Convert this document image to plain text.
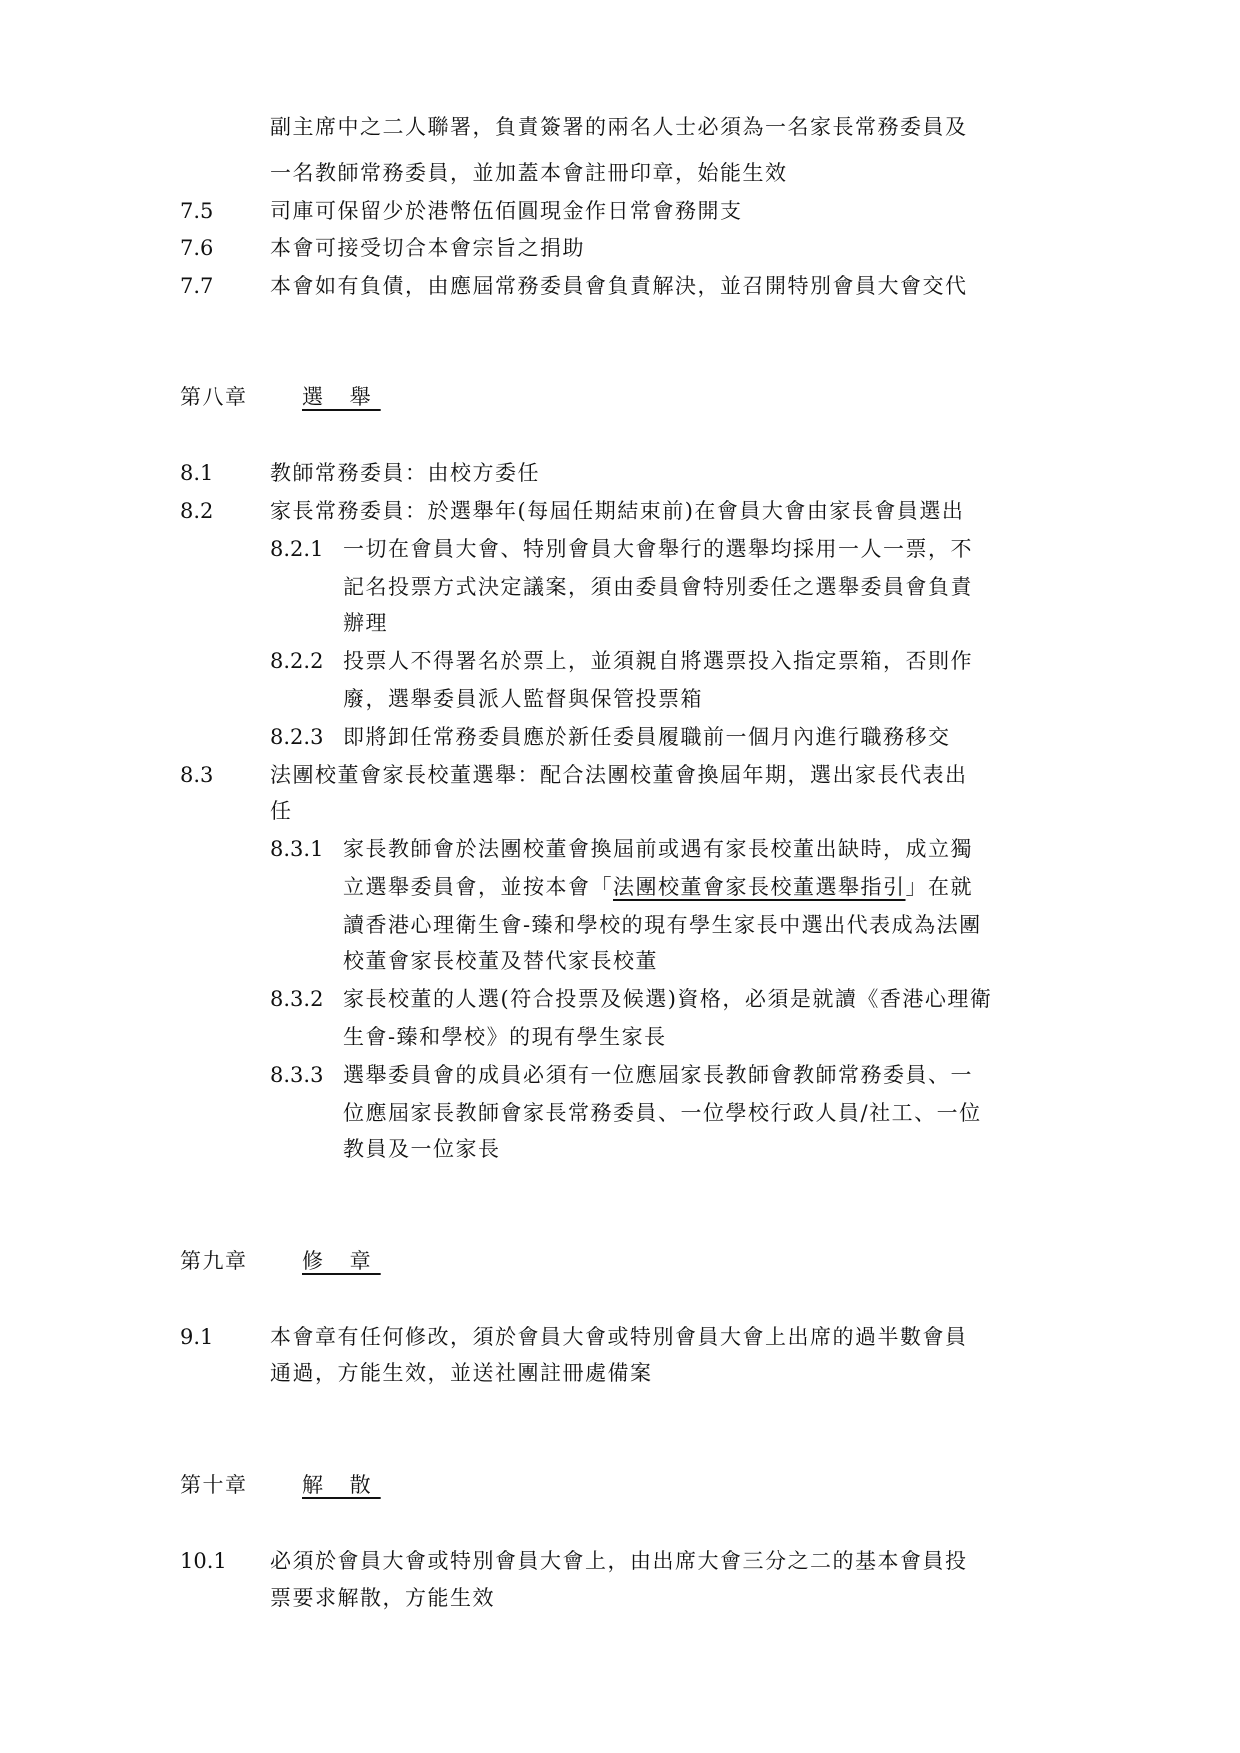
副主席中之二人聯署，負責簽署的兩名人士必須為一名家長常務委員及
一名教師常務委員，並加蓋本會註冊印章，始能生效
7.5	司庫可保留少於港幣伍佰圓現金作日常會務開支
7.6	本會可接受切合本會宗旨之捐助
7.7	本會如有負債，由應屆常務委員會負責解決，並召開特別會員大會交代
第八章	選 舉
8.1	教師常務委員：由校方委任
8.2	家長常務委員：於選舉年(每屆任期結束前)在會員大會由家長會員選出
8.2.1 一切在會員大會、特別會員大會舉行的選舉均採用一人一票，不
記名投票方式決定議案，須由委員會特別委任之選舉委員會負責
辦理
8.2.2 投票人不得署名於票上，並須親自將選票投入指定票箱，否則作
廢，選舉委員派人監督與保管投票箱
8.2.3 即將卸任常務委員應於新任委員履職前一個月內進行職務移交
8.3	法團校董會家長校董選舉：配合法團校董會換屆年期，選出家長代表出
任
8.3.1 家長教師會於法團校董會換屆前或遇有家長校董出缺時，成立獨
立選舉委員會，並按本會「法團校董會家長校董選舉指引」在就
讀香港心理衛生會-臻和學校的現有學生家長中選出代表成為法團
校董會家長校董及替代家長校董
8.3.2 家長校董的人選(符合投票及候選)資格，必須是就讀《香港心理衛
生會-臻和學校》的現有學生家長
8.3.3 選舉委員會的成員必須有一位應屆家長教師會教師常務委員、一
位應屆家長教師會家長常務委員、一位學校行政人員/社工、一位
教員及一位家長
第九章	修 章
9.1	本會章有任何修改，須於會員大會或特別會員大會上出席的過半數會員
通過，方能生效，並送社團註冊處備案
第十章	解 散
10.1 必須於會員大會或特別會員大會上，由出席大會三分之二的基本會員投
票要求解散，方能生效
